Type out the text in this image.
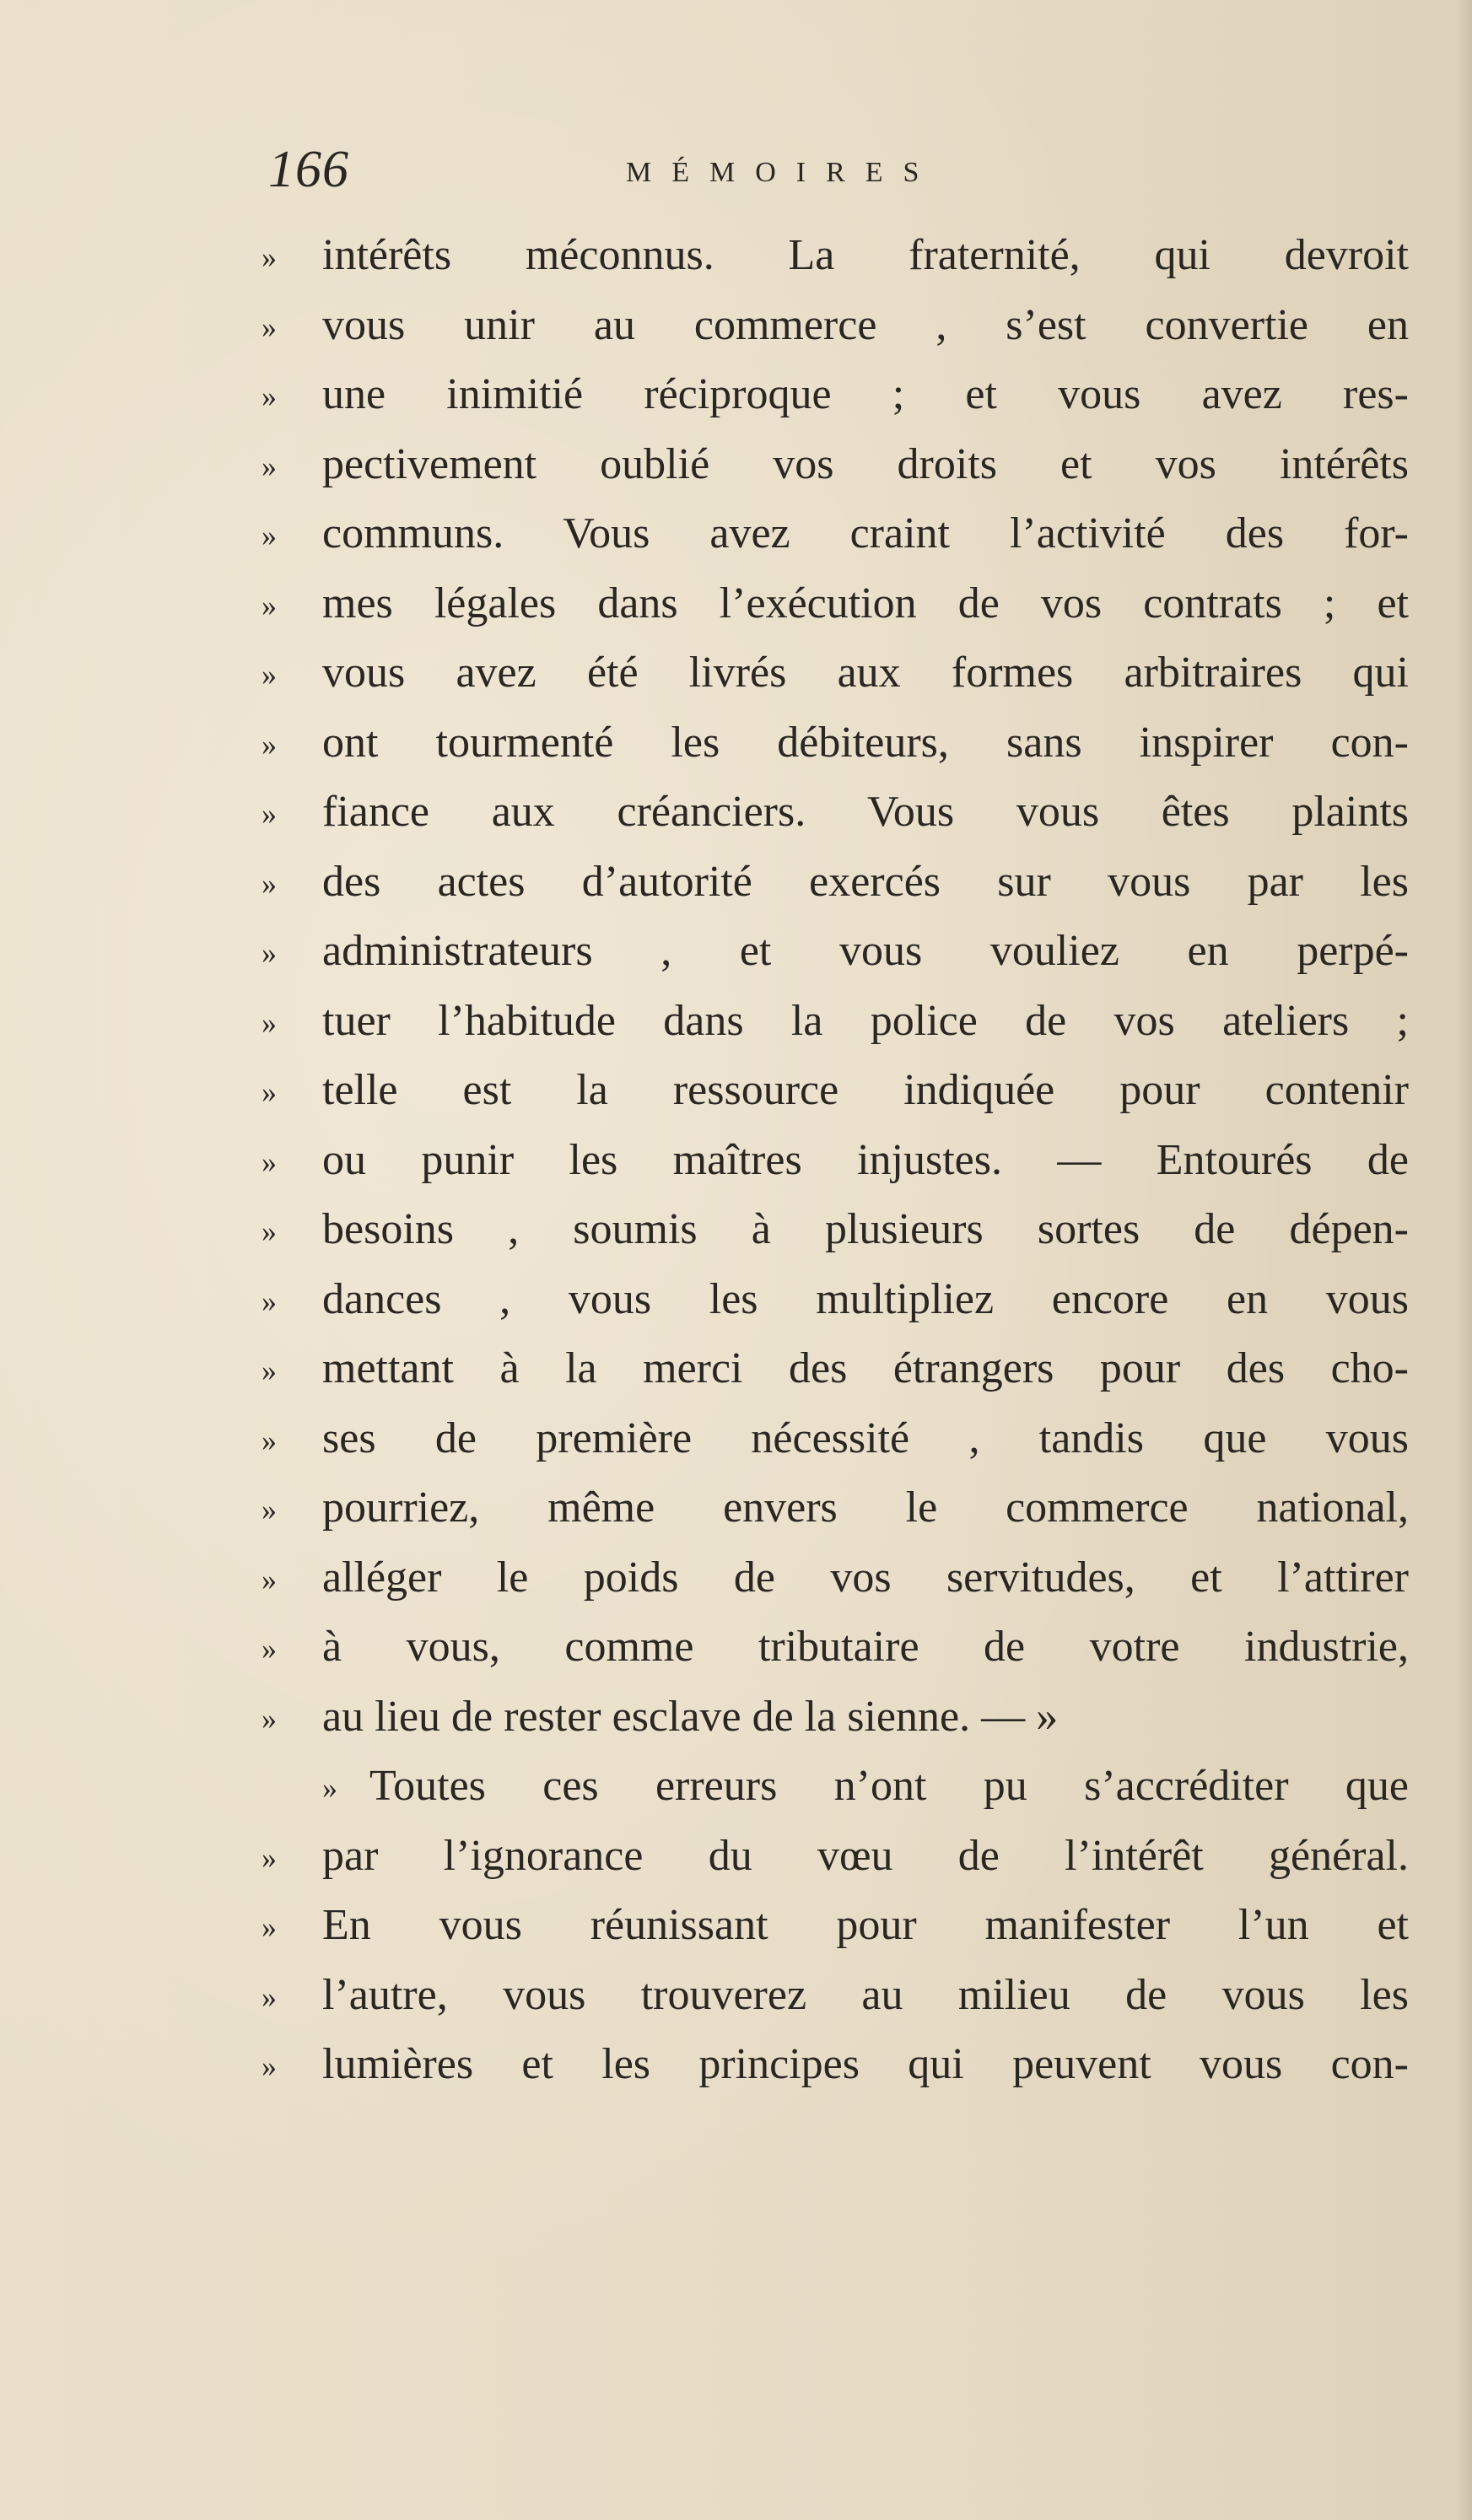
166	MÉMOIRES
»	intérêts méconnus. La fraternité, qui devroit
»	vous unir au commerce , s’est convertie en
»	une inimitié réciproque ; et vous avez res-
»	pectivement oublié vos droits et vos intérêts
»	communs. Vous avez craint l’activité des for-
»	mes légales dans l’exécution de vos contrats ; et
»	vous avez été livrés aux formes arbitraires qui
»	ont tourmenté les débiteurs, sans inspirer con-
»	fiance aux créanciers. Vous vous êtes plaints
»	des actes d’autorité exercés sur vous par les
»	administrateurs , et vous vouliez en perpé-
»	tuer l’habitude dans la police de vos ateliers ;
»	telle est la ressource indiquée pour contenir
»	ou punir les maîtres injustes. — Entourés de
»	besoins , soumis à plusieurs sortes de dépen-
»	dances , vous les multipliez encore en vous
»	mettant à la merci des étrangers pour des cho-
»	ses de première nécessité , tandis que vous
»	pourriez, même envers le commerce national,
»	alléger le poids de vos servitudes, et l’attirer
»	à vous, comme tributaire de votre industrie,
»	au lieu de rester esclave de la sienne. — »
» Toutes ces erreurs n’ont pu s’accréditer que
»	par l’ignorance du vœu de l’intérêt général.
»	En vous réunissant pour manifester l’un et
»	l’autre, vous trouverez au milieu de vous les
»	lumières et les principes qui peuvent vous con-
